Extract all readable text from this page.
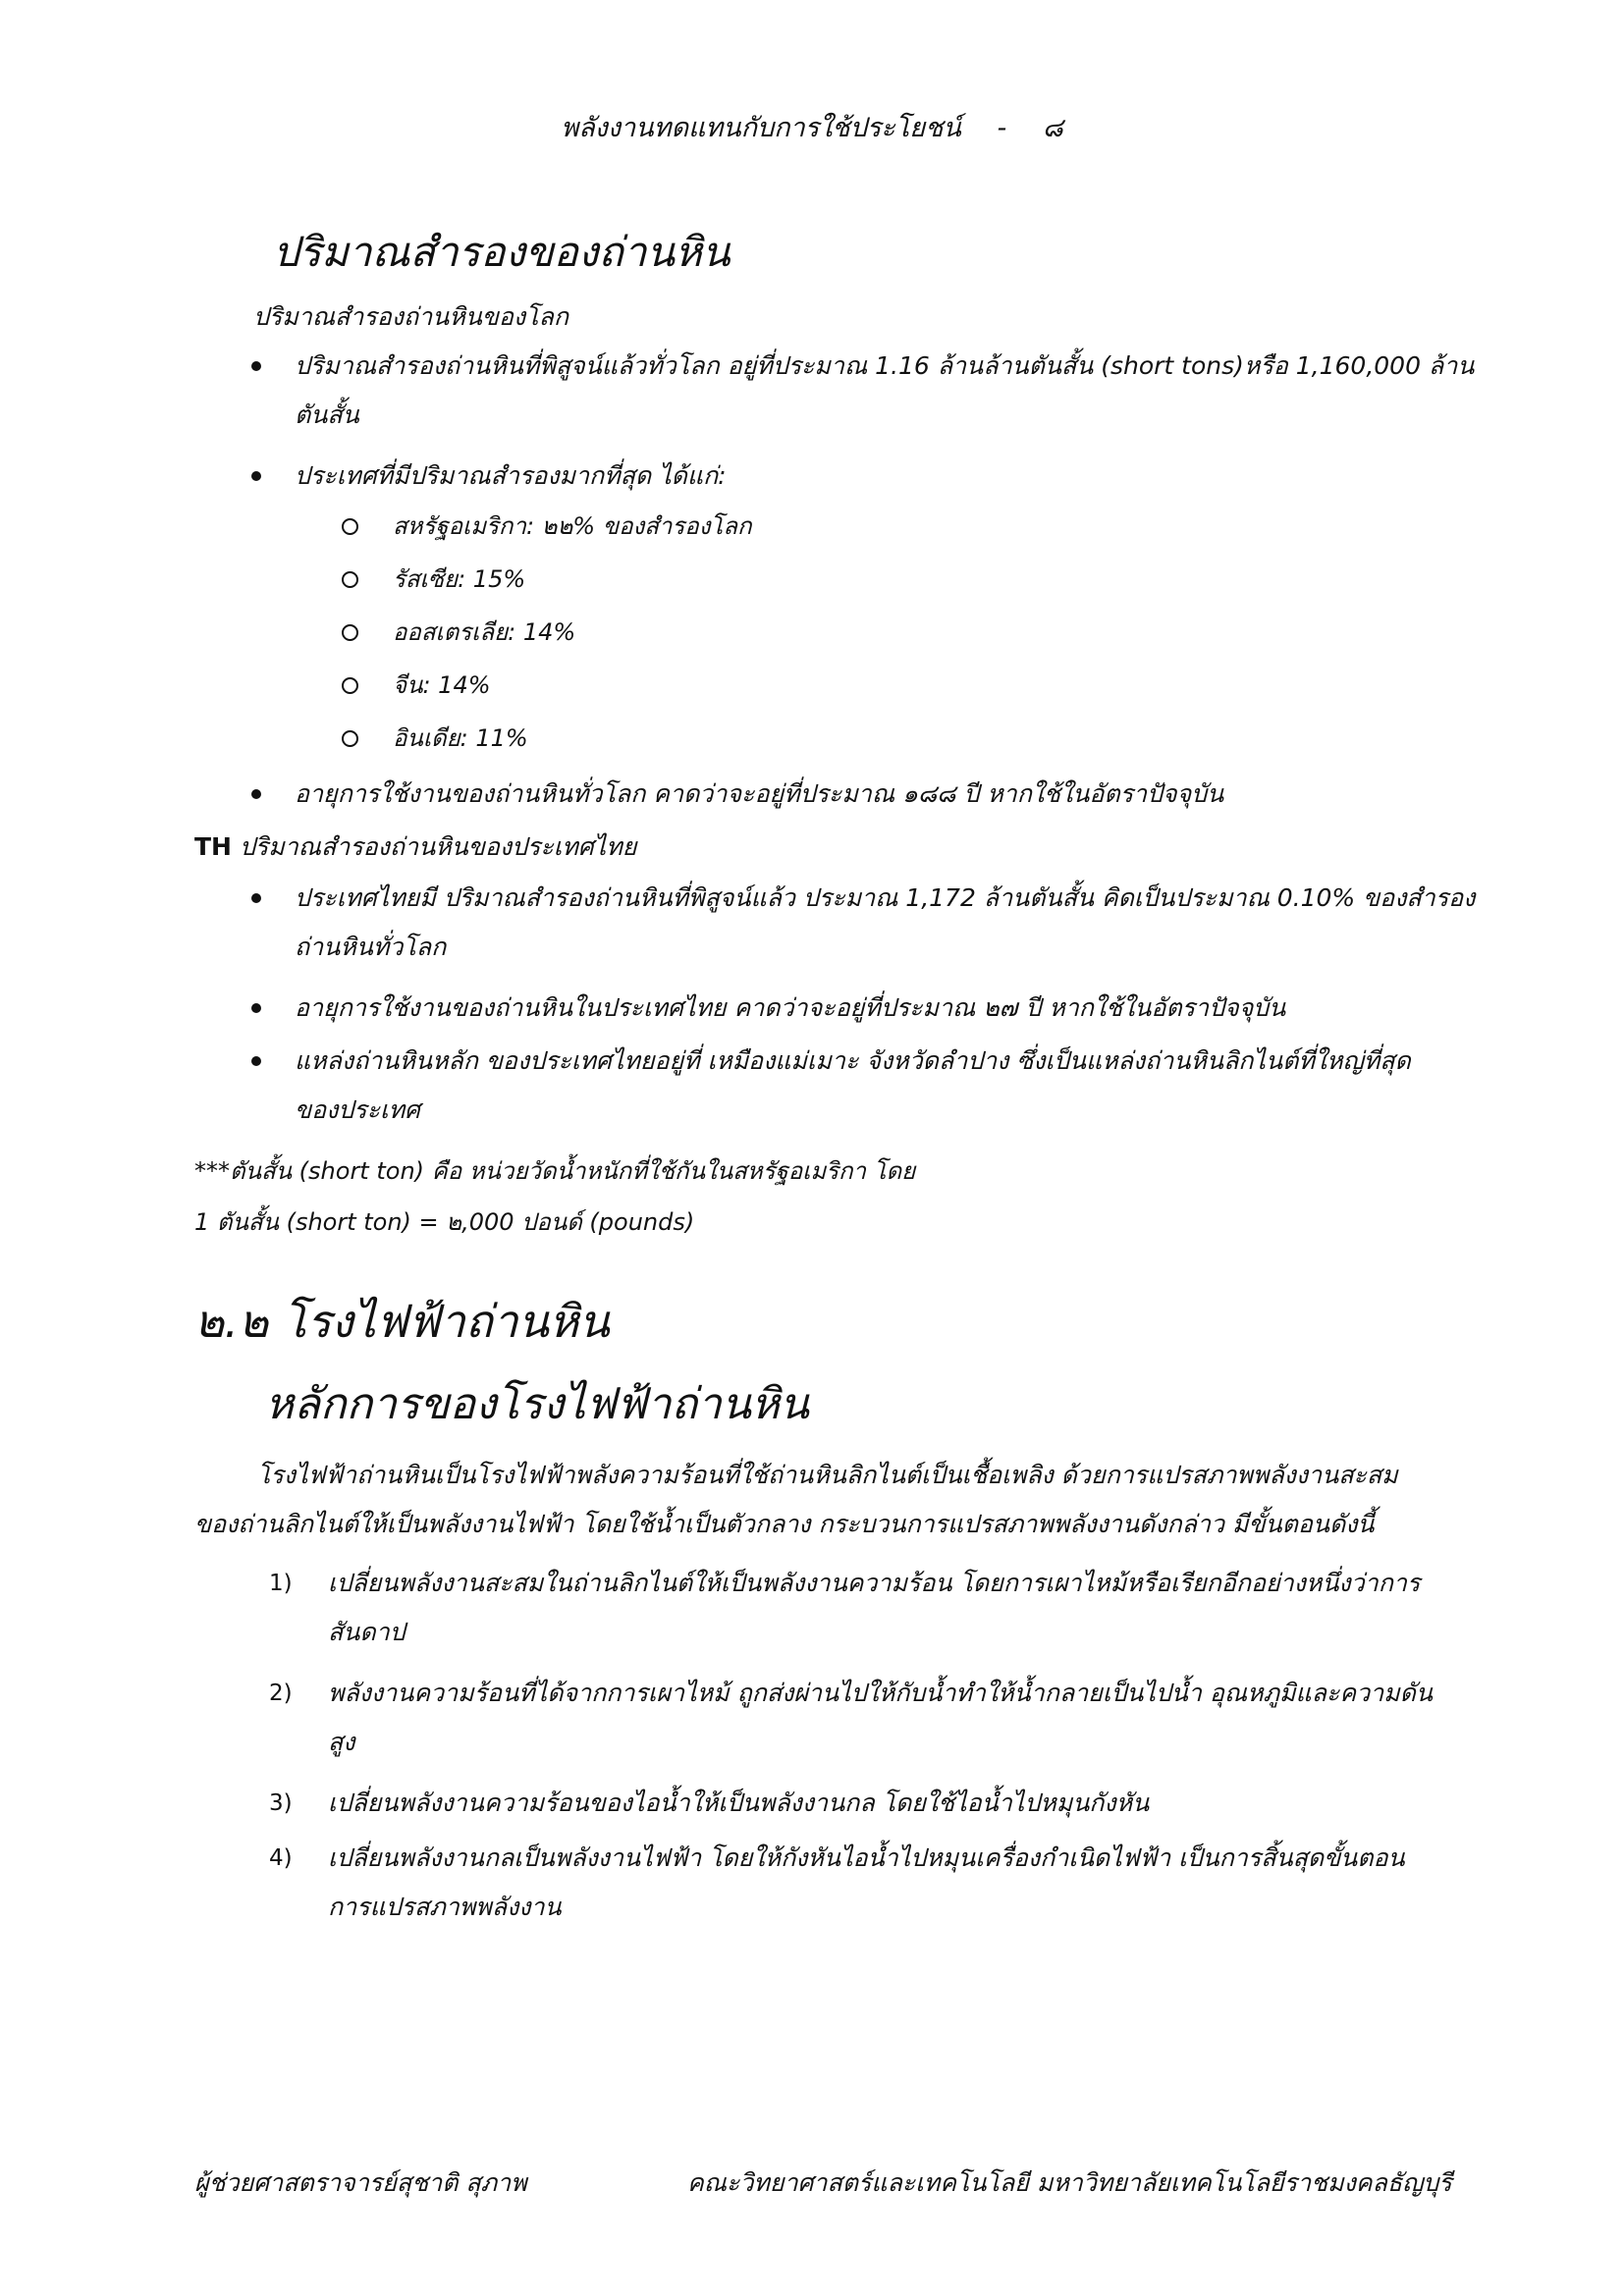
พลังงานทดแทนกับการใช้ประโยชน์ - ๘
ปริมาณสำรองของถ่านหิน
ปริมาณสำรองถ่านหินของโลก
ปริมาณสำรองถ่านหินที่พิสูจน์แล้วทั่วโลก อยู่ที่ประมาณ 1.16 ล้านล้านตันสั้น (short tons)หรือ 1,160,000 ล้าน
ตันสั้น
ประเทศที่มีปริมาณสำรองมากที่สุด ได้แก่:
สหรัฐอเมริกา: ๒๒% ของสำรองโลก
รัสเซีย: 15%
ออสเตรเลีย: 14%
จีน: 14%
อินเดีย: 11%
อายุการใช้งานของถ่านหินทั่วโลก คาดว่าจะอยู่ที่ประมาณ ๑๘๘ ปี หากใช้ในอัตราปัจจุบัน
TH ปริมาณสำรองถ่านหินของประเทศไทย
ประเทศไทยมี ปริมาณสำรองถ่านหินที่พิสูจน์แล้ว ประมาณ 1,172 ล้านตันสั้น คิดเป็นประมาณ 0.10% ของสำรอง
ถ่านหินทั่วโลก
อายุการใช้งานของถ่านหินในประเทศไทย คาดว่าจะอยู่ที่ประมาณ ๒๗ ปี หากใช้ในอัตราปัจจุบัน
แหล่งถ่านหินหลัก ของประเทศไทยอยู่ที่ เหมืองแม่เมาะ จังหวัดลำปาง ซึ่งเป็นแหล่งถ่านหินลิกไนต์ที่ใหญ่ที่สุด
ของประเทศ
***ตันสั้น (short ton) คือ หน่วยวัดน้ำหนักที่ใช้กันในสหรัฐอเมริกา โดย
1 ตันสั้น (short ton) = ๒,000 ปอนด์ (pounds)
๒.๒ โรงไฟฟ้าถ่านหิน
หลักการของโรงไฟฟ้าถ่านหิน
โรงไฟฟ้าถ่านหินเป็นโรงไฟฟ้าพลังความร้อนที่ใช้ถ่านหินลิกไนต์เป็นเชื้อเพลิง ด้วยการแปรสภาพพลังงานสะสม
ของถ่านลิกไนต์ให้เป็นพลังงานไฟฟ้า โดยใช้น้ำเป็นตัวกลาง กระบวนการแปรสภาพพลังงานดังกล่าว มีขั้นตอนดังนี้
1) เปลี่ยนพลังงานสะสมในถ่านลิกไนต์ให้เป็นพลังงานความร้อน โดยการเผาไหม้หรือเรียกอีกอย่างหนึ่งว่าการ
สันดาป
2) พลังงานความร้อนที่ได้จากการเผาไหม้ ถูกส่งผ่านไปให้กับน้ำทำให้น้ำกลายเป็นไปน้ำ อุณหภูมิและความดัน
สูง
3) เปลี่ยนพลังงานความร้อนของไอน้ำให้เป็นพลังงานกล โดยใช้ไอน้ำไปหมุนกังหัน
4) เปลี่ยนพลังงานกลเป็นพลังงานไฟฟ้า โดยให้กังหันไอน้ำไปหมุนเครื่องกำเนิดไฟฟ้า เป็นการสิ้นสุดขั้นตอน
การแปรสภาพพลังงาน
ผู้ช่วยศาสตราจารย์สุชาติ สุภาพ	คณะวิทยาศาสตร์และเทคโนโลยี มหาวิทยาลัยเทคโนโลยีราชมงคลธัญบุรี
